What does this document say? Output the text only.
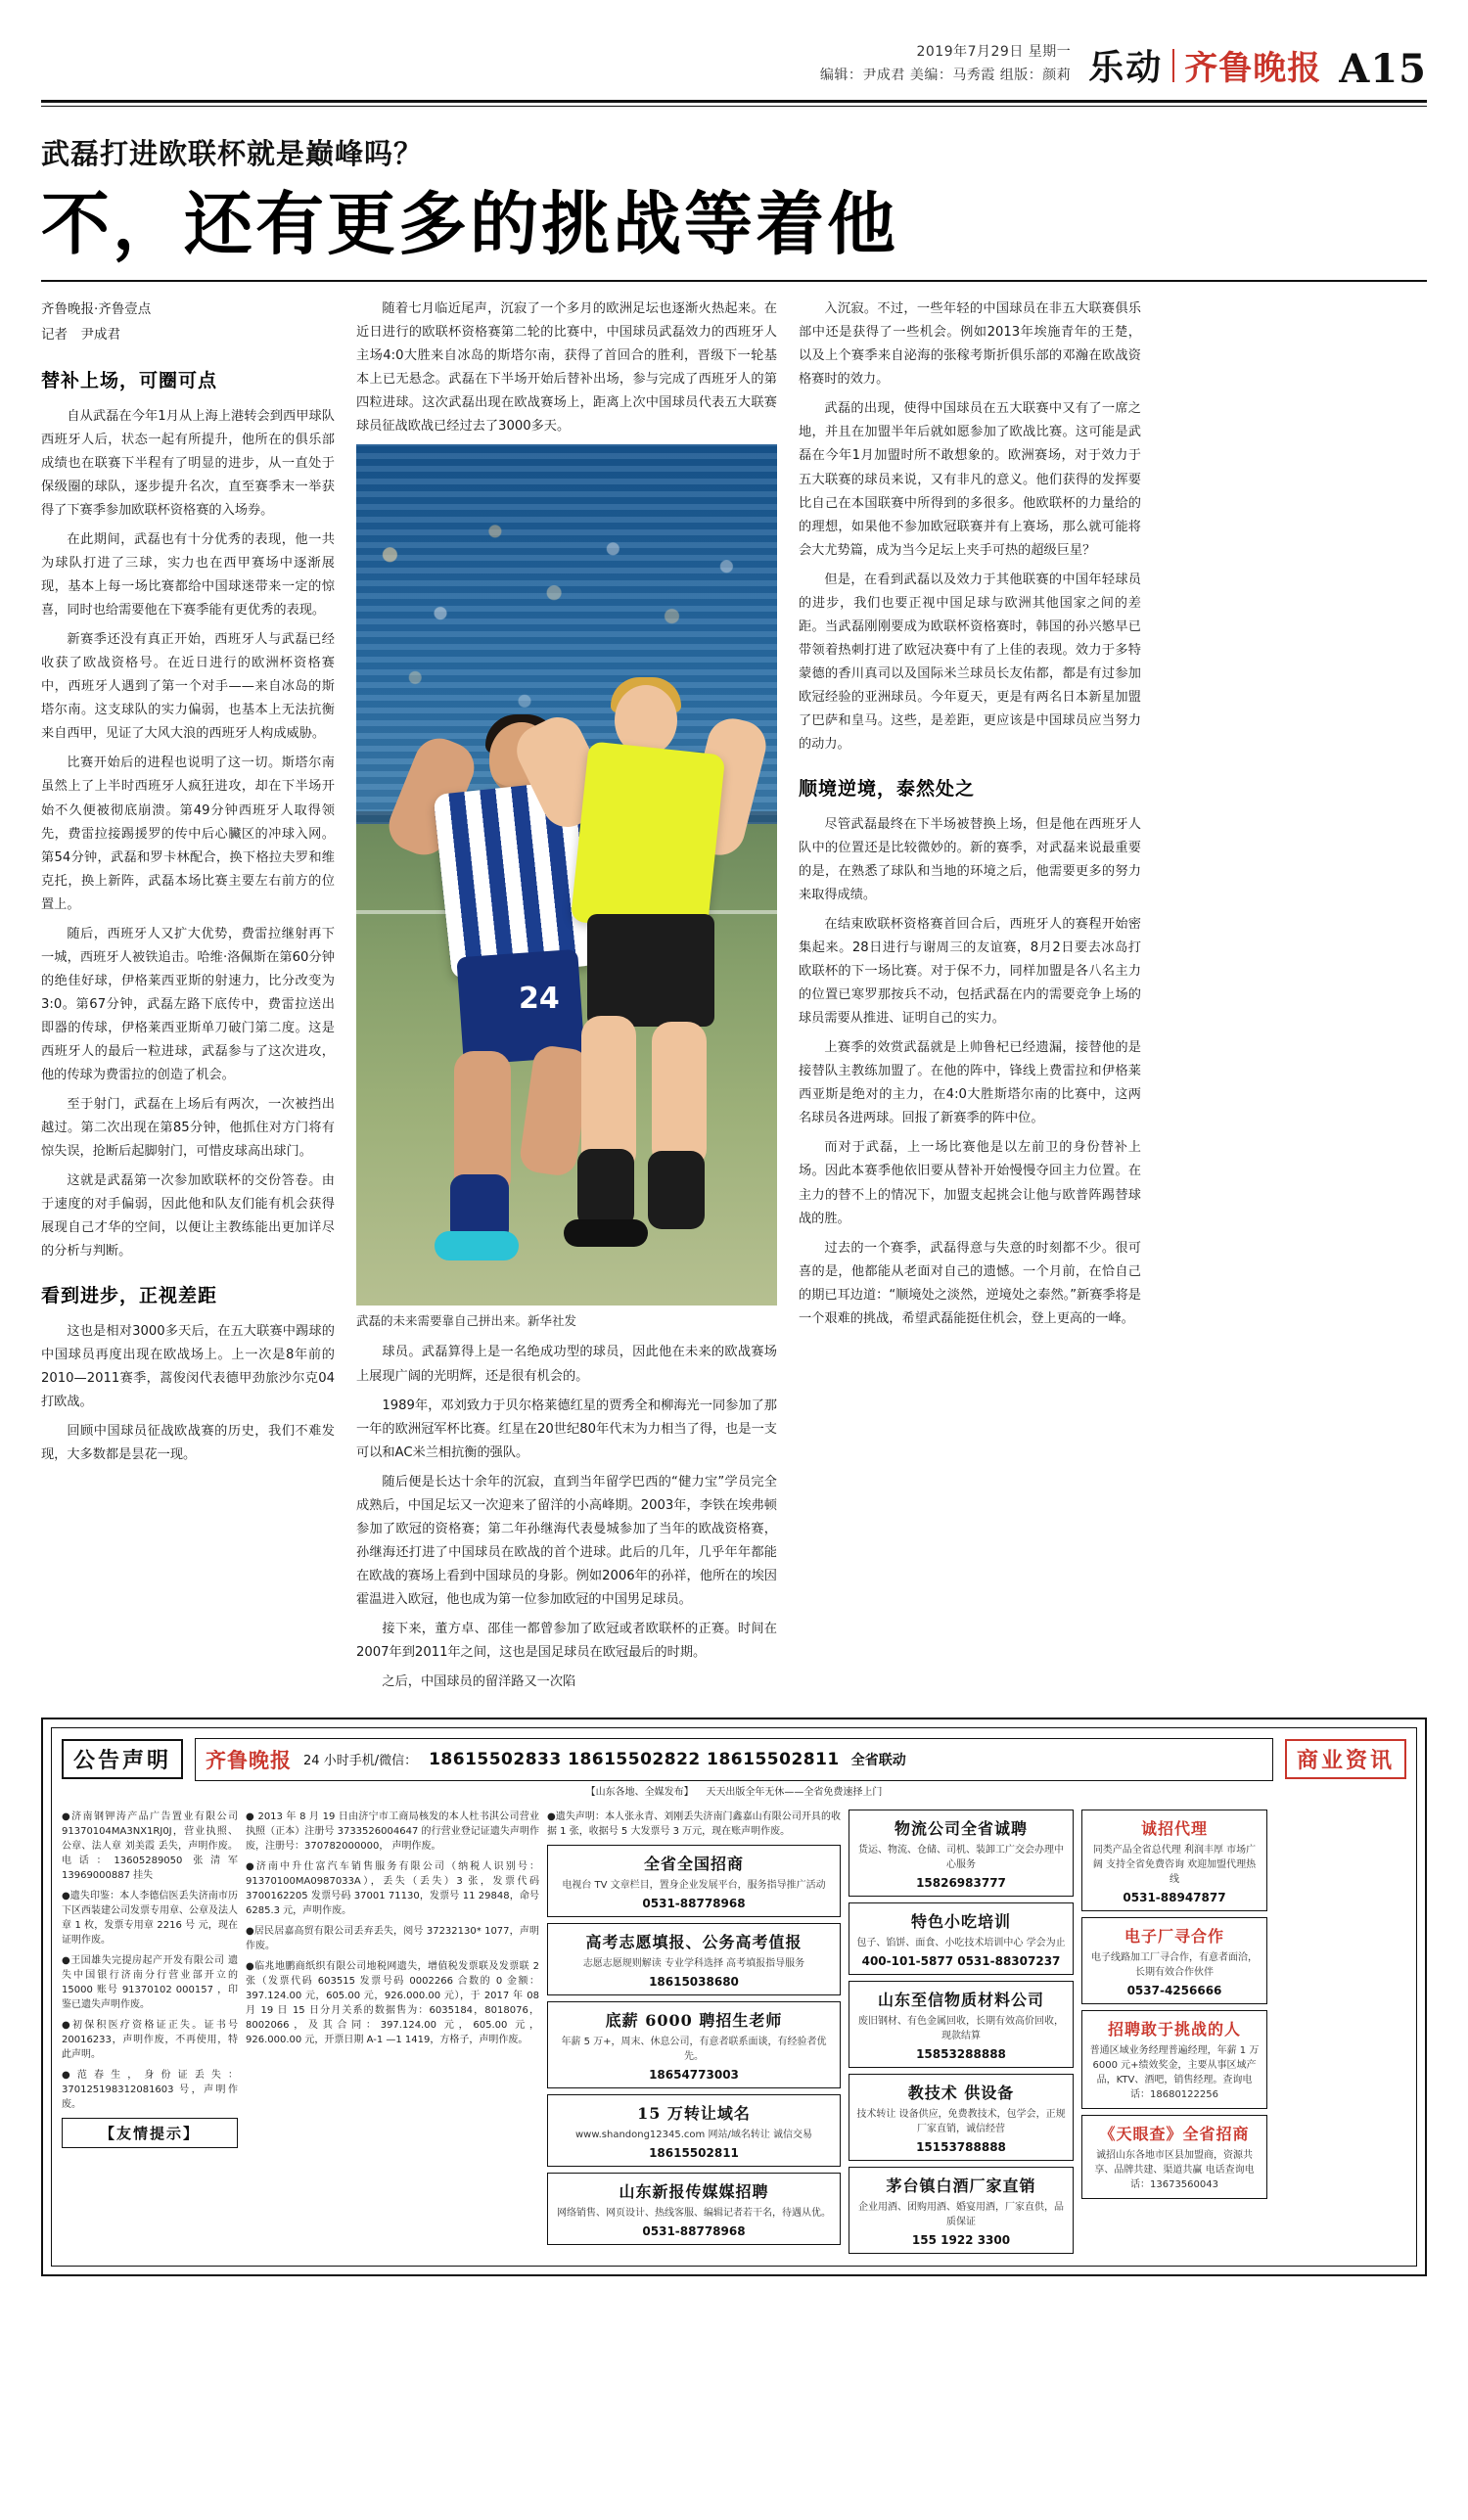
2019年7月29日 星期一
编辑：尹成君 美编：马秀霞 组版：颜莉 乐动 齐鲁晚报 A15
武磊打进欧联杯就是巅峰吗？
不，还有更多的挑战等着他
齐鲁晚报·齐鲁壹点
记者　尹成君
替补上场，可圈可点

自从武磊在今年1月从上海上港转会到西甲球队西班牙人后，状态一起有所提升，他所在的俱乐部成绩也在联赛下半程有了明显的进步，从一直处于保级圈的球队，逐步提升名次，直至赛季末一举获得了下赛季参加欧联杯资格赛的入场券。

在此期间，武磊也有十分优秀的表现，他一共为球队打进了三球，实力也在西甲赛场中逐渐展现，基本上每一场比赛都给中国球迷带来一定的惊喜，同时也给需要他在下赛季能有更优秀的表现。

新赛季还没有真正开始，西班牙人与武磊已经收获了欧战资格号。在近日进行的欧洲杯资格赛中，西班牙人遇到了第一个对手——来自冰岛的斯塔尔南。这支球队的实力偏弱，也基本上无法抗衡来自西甲，见证了大风大浪的西班牙人构成威胁。

比赛开始后的进程也说明了这一切。斯塔尔南虽然上了上半时西班牙人疯狂进攻，却在下半场开始不久便被彻底崩溃。第49分钟西班牙人取得领先，费雷拉接踢援罗的传中后心臟区的冲球入网。第54分钟，武磊和罗卡林配合，换下格拉夫罗和维克托，换上新阵，武磊本场比赛主要左右前方的位置上。

随后，西班牙人又扩大优势，费雷拉继射再下一城，西班牙人被铁追击。哈维·洛佩斯在第60分钟的绝佳好球，伊格莱西亚斯的射速力，比分改变为3:0。第67分钟，武磊左路下底传中，费雷拉送出即器的传球，伊格莱西亚斯单刀破门第二度。这是西班牙人的最后一粒进球，武磊参与了这次进攻，他的传球为费雷拉的创造了机会。

至于射门，武磊在上场后有两次，一次被挡出越过。第二次出现在第85分钟，他抓住对方门将有惊失误，抢断后起脚射门，可惜皮球高出球门。

这就是武磊第一次参加欧联杯的交份答卷。由于速度的对手偏弱，因此他和队友们能有机会获得展现自己才华的空间，以便让主教练能出更加详尽的分析与判断。

看到进步，正视差距

这也是相对3000多天后，在五大联赛中踢球的中国球员再度出现在欧战场上。上一次是8年前的2010—2011赛季，蒿俊闵代表德甲劲旅沙尔克04打欧战。

回顾中国球员征战欧战赛的历史，我们不难发现，大多数都是昙花一现。

随着七月临近尾声，沉寂了一个多月的欧洲足坛也逐渐火热起来。在近日进行的欧联杯资格赛第二轮的比赛中，中国球员武磊效力的西班牙人主场4:0大胜来自冰岛的斯塔尔南，获得了首回合的胜利，晋级下一轮基本上已无悬念。武磊在下半场开始后替补出场，参与完成了西班牙人的第四粒进球。这次武磊出现在欧战赛场上，距离上次中国球员代表五大联赛球员征战欧战已经过去了3000多天。

24
武磊的未来需要靠自己拼出来。新华社发

球员。武磊算得上是一名绝成功型的球员，因此他在未来的欧战赛场上展现广阔的光明辉，还是很有机会的。

1989年，邓刘致力于贝尔格莱德红星的贾秀全和柳海光一同参加了那一年的欧洲冠军杯比赛。红星在20世纪80年代末为力相当了得，也是一支可以和AC米兰相抗衡的强队。

随后便是长达十余年的沉寂，直到当年留学巴西的“健力宝”学员完全成熟后，中国足坛又一次迎来了留洋的小高峰期。2003年，李铁在埃弗顿参加了欧冠的资格赛；第二年孙继海代表曼城参加了当年的欧战资格赛，孙继海还打进了中国球员在欧战的首个进球。此后的几年，几乎年年都能在欧战的赛场上看到中国球员的身影。例如2006年的孙祥，他所在的埃因霍温进入欧冠，他也成为第一位参加欧冠的中国男足球员。

接下来，董方卓、邵佳一都曾参加了欧冠或者欧联杯的正赛。时间在2007年到2011年之间，这也是国足球员在欧冠最后的时期。

之后，中国球员的留洋路又一次陷

入沉寂。不过，一些年轻的中国球员在非五大联赛俱乐部中还是获得了一些机会。例如2013年埃施青年的王楚，以及上个赛季来自泌海的张稼考斯折俱乐部的邓瀚在欧战资格赛时的效力。

武磊的出现，使得中国球员在五大联赛中又有了一席之地，并且在加盟半年后就如愿参加了欧战比赛。这可能是武磊在今年1月加盟时所不敢想象的。欧洲赛场，对于效力于五大联赛的球员来说，又有非凡的意义。他们获得的发挥要比自己在本国联赛中所得到的多很多。他欧联杯的力量给的的理想，如果他不参加欧冠联赛并有上赛场，那么就可能将会大尤势篇，成为当今足坛上夹手可热的超级巨星？

但是，在看到武磊以及效力于其他联赛的中国年轻球员的进步，我们也要正视中国足球与欧洲其他国家之间的差距。当武磊刚刚要成为欧联杯资格赛时，韩国的孙兴慜早已带领着热刺打进了欧冠决赛中有了上佳的表现。效力于多特蒙德的香川真司以及国际米兰球员长友佑都，都是有过参加欧冠经验的亚洲球员。今年夏天，更是有两名日本新星加盟了巴萨和皇马。这些，是差距，更应该是中国球员应当努力的动力。

顺境逆境，泰然处之

尽管武磊最终在下半场被替换上场，但是他在西班牙人队中的位置还是比较微妙的。新的赛季，对武磊来说最重要的是，在熟悉了球队和当地的环境之后，他需要更多的努力来取得成绩。

在结束欧联杯资格赛首回合后，西班牙人的赛程开始密集起来。28日进行与谢周三的友谊赛，8月2日要去冰岛打欧联杯的下一场比赛。对于保不力，同样加盟是各八名主力的位置已寒罗那按兵不动，包括武磊在内的需要竞争上场的球员需要从推进、证明自己的实力。

上赛季的效赏武磊就是上帅鲁杞已经遗漏，接替他的是接替队主教练加盟了。在他的阵中，锋线上费雷拉和伊格莱西亚斯是绝对的主力，在4:0大胜斯塔尔南的比赛中，这两名球员各进两球。回报了新赛季的阵中位。

而对于武磊，上一场比赛他是以左前卫的身份替补上场。因此本赛季他依旧要从替补开始慢慢夺回主力位置。在主力的替不上的情况下，加盟支起挑会让他与欧普阵踢替球战的胜。

过去的一个赛季，武磊得意与失意的时刻都不少。很可喜的是，他都能从老面对自己的遗憾。一个月前，在恰自己的期已耳边道：“顺境处之淡然，逆境处之泰然。”新赛季将是一个艰难的挑战，希望武磊能挺住机会，登上更高的一峰。

公告声明	齐鲁晚报 24 小时手机/微信： 18615502833 18615502822 18615502811 全省联动	商业资讯
【山东各地、全媒发布】 天天出版全年无休——全省免费速择上门
●济南钢钾涛产品广告置业有限公司 91370104MA3NX1RJ0J，营业执照、公章、法人章 刘美霞 丢失，声明作废。电话：13605289050 张清军 13969000887 挂失
●遗失印鉴：本人李德信医丢失济南市历下区西装建公司发票专用章、公章及法人章 1 枚，发票专用章 2216 号 元，现在证明作废。
●王国雄失完提房起产开发有限公司 遗失中国银行济南分行营业部开立的 15000 账号 91370102 000157 ，印鉴已遗失声明作废。
●初保积医疗资格证正失。证书号 20016233，声明作废，不再使用，特此声明。
●范春生，身份证丢失：370125198312081603 号，声明作废。
【友情提示】
● 2013 年 8 月 19 日由济宁市工商局核发的本人杜书淇公司营业执照（正本）注册号 3733526004647 的行营业登记证遗失声明作废，注册号：370782000000， 声明作废。
●济南中升仕富汽车销售服务有限公司（纳税人识别号：91370100MA0987033A），丢失（丢失）3 张，发票代码 3700162205 发票号码 37001 71130，发票号 11 29848，命号 6285.3 元，声明作废。
●居民居嘉高贸有限公司丢弃丢失，阅号 37232130* 1077，声明作废。
●临兆地鹏商纸织有限公司地税网遗失，增值税发票联及发票联 2 张（发票代码 603515 发票号码 0002266 合数的 0 金额：397.124.00 元，605.00 元，926.000.00 元），于 2017 年 08 月 19 日 15 日分月关系的数据售为：6035184，8018076，8002066，及其合同：397.124.00 元，605.00 元，926.000.00 元，开票日期 A-1 —1 1419，方格子，声明作废。
●遗失声明：本人张永青、刘刚丢失济南门鑫嘉山有限公司开具的收据 1 张，收据号 5 大发票号 3 万元，现在账声明作废。
全省全国招商
电视台 TV 文章栏目，置身企业发展平台，服务指导推广活动
0531-88778968
高考志愿填报、公务高考值报
志愿志愿规则解读 专业学科选择 高考填报指导服务
18615038680
底薪 6000 聘招生老师
年薪 5 万+，周末、休息公司，有意者联系面谈，有经验者优先。
18654773003
15 万转让域名
www.shandong12345.com 网站/域名转让 诚信交易
18615502811
山东新报传媒媒招聘
网络销售、网页设计、热线客服、编辑记者若干名，待遇从优。
0531-88778968
物流公司全省诚聘
货运、物流、仓储、司机、装卸工广交会办理中心服务
15826983777
特色小吃培训
包子、馅饼、面食、小吃技术培训中心 学会为止
400-101-5877 0531-88307237
山东至信物质材料公司
废旧钢材、有色金属回收，长期有效高价回收，现款结算
15853288888
教技术 供设备
技术转让 设备供应，免费教技术，包学会，正规厂家直销，诚信经营
15153788888
茅台镇白酒厂家直销
企业用酒、团购用酒、婚宴用酒，厂家直供，品质保证
155 1922 3300
诚招代理
同类产品全省总代理 利润丰厚 市场广阔 支持全省免费咨询 欢迎加盟代理热线
0531-88947877
电子厂寻合作
电子线路加工厂寻合作，有意者面洽，长期有效合作伙伴
0537-4256666
招聘敢于挑战的人
普通区域业务经理普遍经理，年薪 1 万 6000 元+绩效奖金，主要从事区域产品，KTV、酒吧，销售经理。查询电话：18680122256
《天眼查》全省招商
诚招山东各地市区县加盟商，资源共享、品牌共建、渠道共赢 电话查询电话：13673560043
